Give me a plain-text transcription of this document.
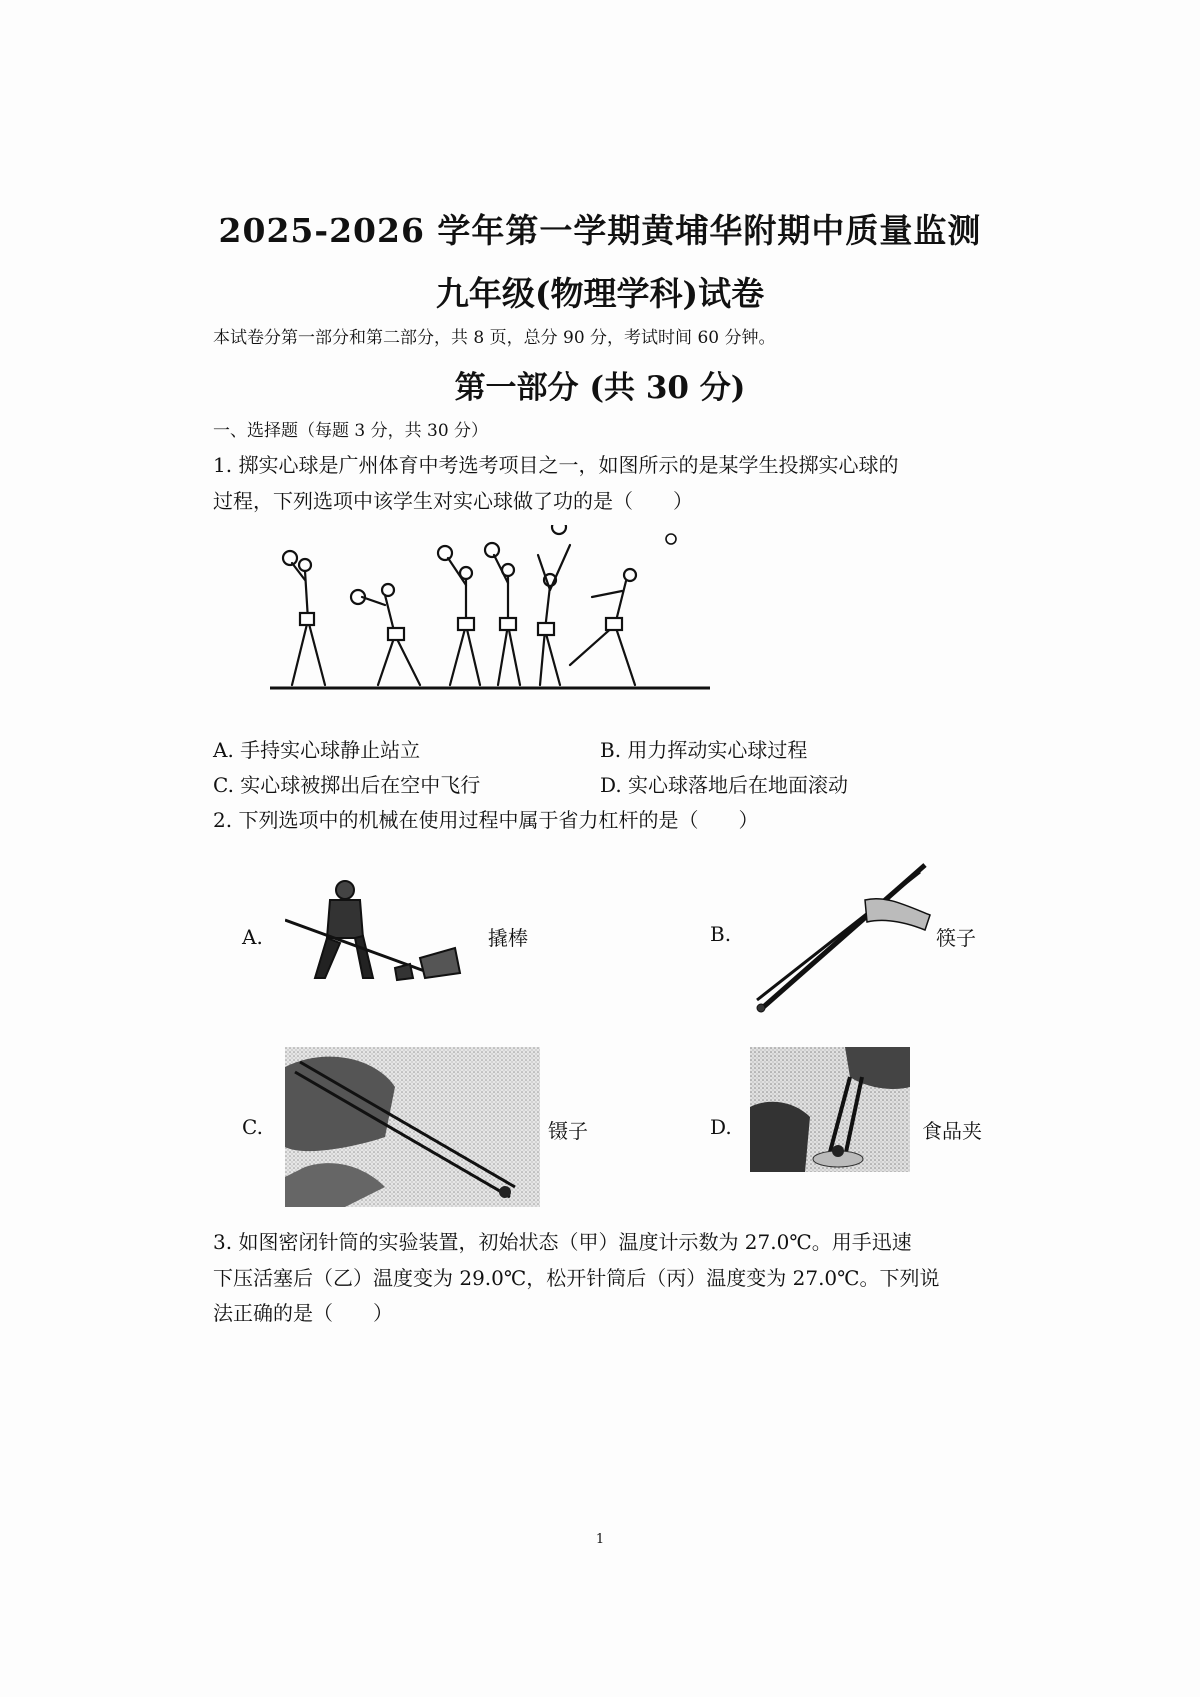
2025-2026 学年第一学期黄埔华附期中质量监测
九年级(物理学科)试卷
本试卷分第一部分和第二部分，共 8 页，总分 90 分，考试时间 60 分钟。
第一部分 (共 30 分)
一、选择题（每题 3 分，共 30 分）
1. 掷实心球是广州体育中考选考项目之一，如图所示的是某学生投掷实心球的
过程，下列选项中该学生对实心球做了功的是（　　）
A. 手持实心球静止站立	B. 用力挥动实心球过程
C. 实心球被掷出后在空中飞行	D. 实心球落地后在地面滚动
2. 下列选项中的机械在使用过程中属于省力杠杆的是（　　）
A.	撬棒	B.	筷子
C.	镊子	D.	食品夹
3. 如图密闭针筒的实验装置，初始状态（甲）温度计示数为 27.0℃。用手迅速
下压活塞后（乙）温度变为 29.0℃，松开针筒后（丙）温度变为 27.0℃。下列说
法正确的是（　　）
1
